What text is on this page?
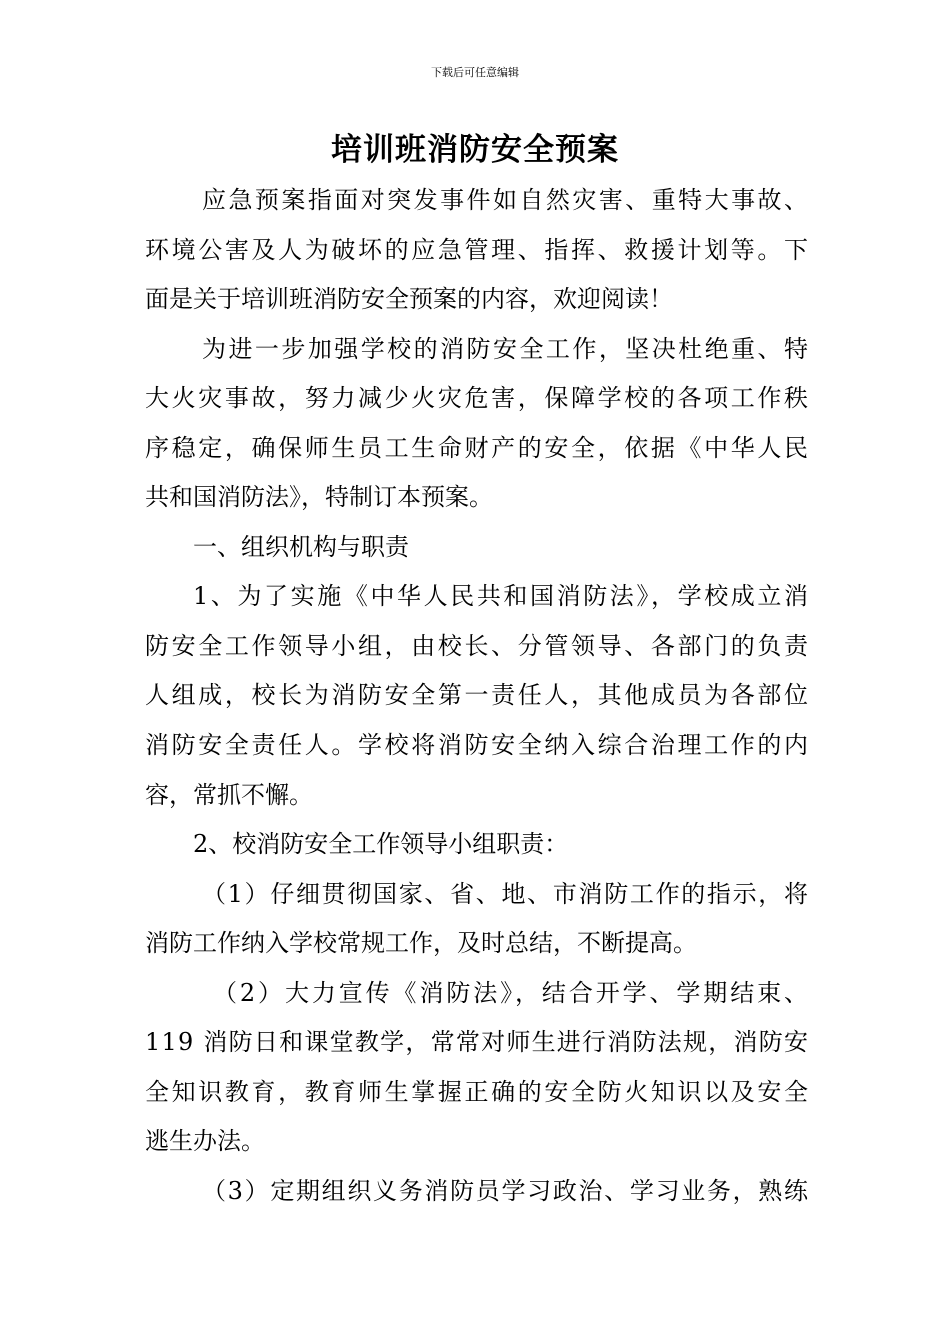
下载后可任意编辑
培训班消防安全预案
应急预案指面对突发事件如自然灾害、重特大事故、
环境公害及人为破坏的应急管理、指挥、救援计划等。下
面是关于培训班消防安全预案的内容，欢迎阅读！
为进一步加强学校的消防安全工作，坚决杜绝重、特
大火灾事故，努力减少火灾危害，保障学校的各项工作秩
序稳定，确保师生员工生命财产的安全，依据《中华人民
共和国消防法》，特制订本预案。
一、组织机构与职责
1、为了实施《中华人民共和国消防法》，学校成立消
防安全工作领导小组，由校长、分管领导、各部门的负责
人组成，校长为消防安全第一责任人，其他成员为各部位
消防安全责任人。学校将消防安全纳入综合治理工作的内
容，常抓不懈。
2、校消防安全工作领导小组职责：
（1）仔细贯彻国家、省、地、市消防工作的指示，将
消防工作纳入学校常规工作，及时总结，不断提高。
（2）大力宣传《消防法》，结合开学、学期结束、
119 消防日和课堂教学，常常对师生进行消防法规，消防安
全知识教育，教育师生掌握正确的安全防火知识以及安全
逃生办法。
（3）定期组织义务消防员学习政治、学习业务，熟练
